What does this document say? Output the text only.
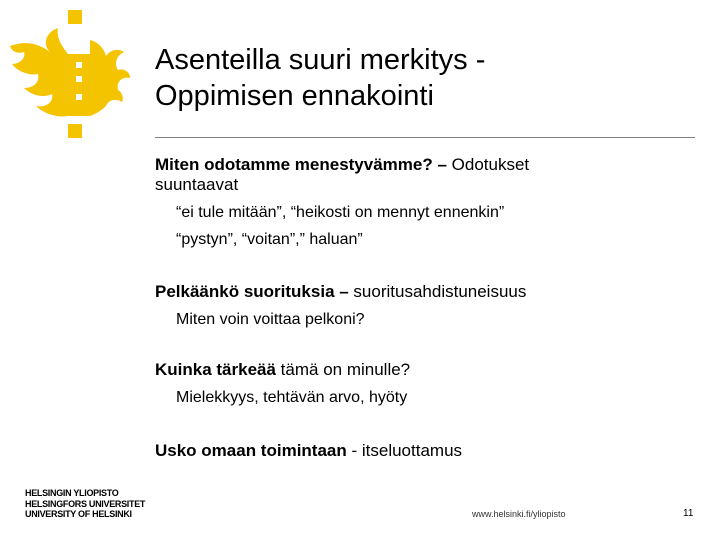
Asenteilla suuri merkitys -
Oppimisen ennakointi
Miten odotamme menestyvämme? – Odotukset
suuntaavat
“ei tule mitään”, “heikosti on mennyt ennenkin”
“pystyn”, “voitan”,” haluan”
Pelkäänkö suorituksia – suoritusahdistuneisuus
Miten voin voittaa pelkoni?
Kuinka tärkeää tämä on minulle?
Mielekkyys, tehtävän arvo, hyöty
Usko omaan toimintaan - itseluottamus
HELSINGIN YLIOPISTO
HELSINGFORS UNIVERSITET
UNIVERSITY OF HELSINKI	www.helsinki.fi/yliopisto	11
